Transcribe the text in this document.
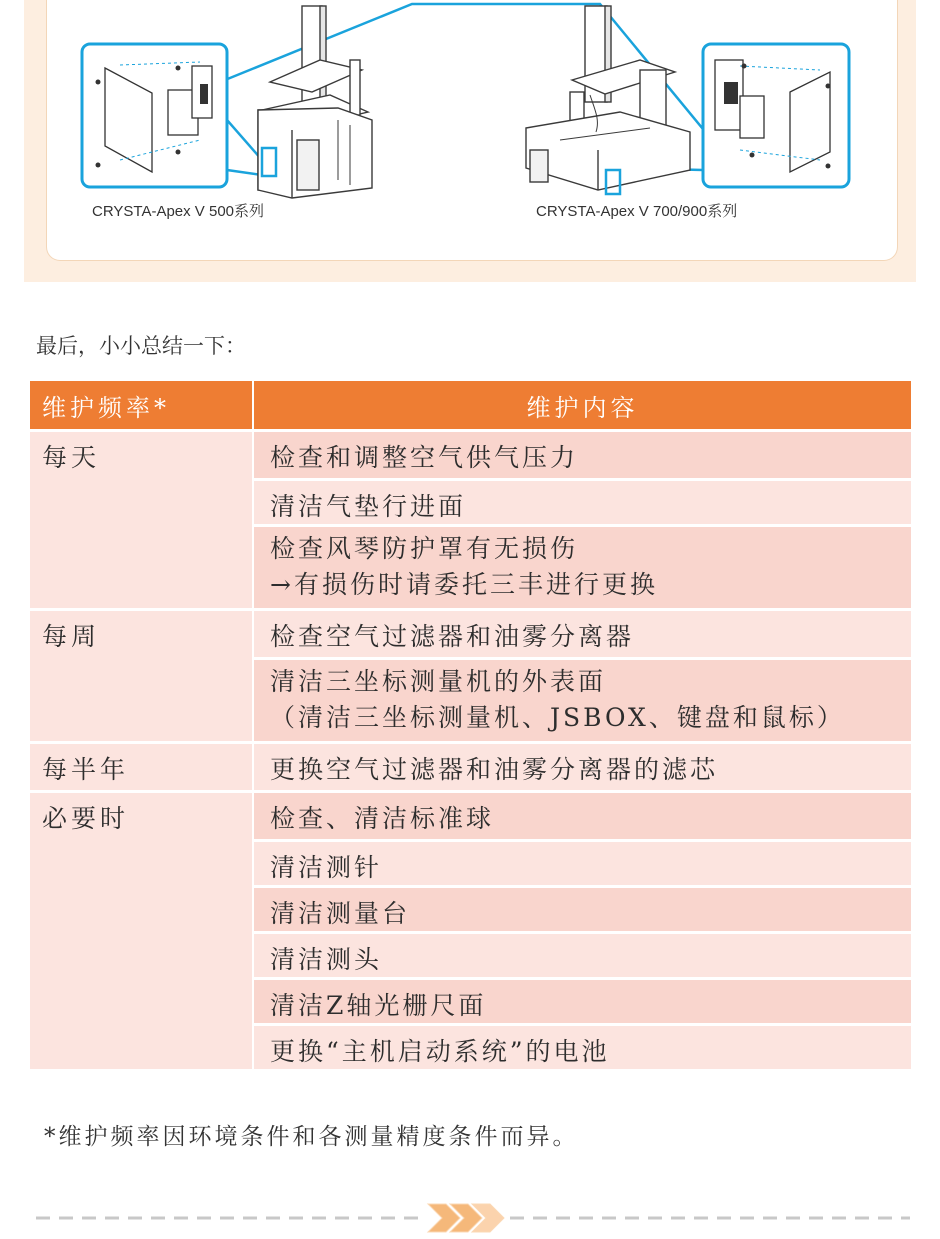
CRYSTA-Apex V 500系列	CRYSTA-Apex V 700/900系列
最后，小小总结一下：
维护频率*	维护内容
每天	检查和调整空气供气压力
清洁气垫行进面
检查风琴防护罩有无损伤
→有损伤时请委托三丰进行更换
每周	检查空气过滤器和油雾分离器
清洁三坐标测量机的外表面
（清洁三坐标测量机、JSBOX、键盘和鼠标）
每半年	更换空气过滤器和油雾分离器的滤芯
必要时	检查、清洁标准球
清洁测针
清洁测量台
清洁测头
清洁Z轴光栅尺面
更换“主机启动系统”的电池
*维护频率因环境条件和各测量精度条件而异。
